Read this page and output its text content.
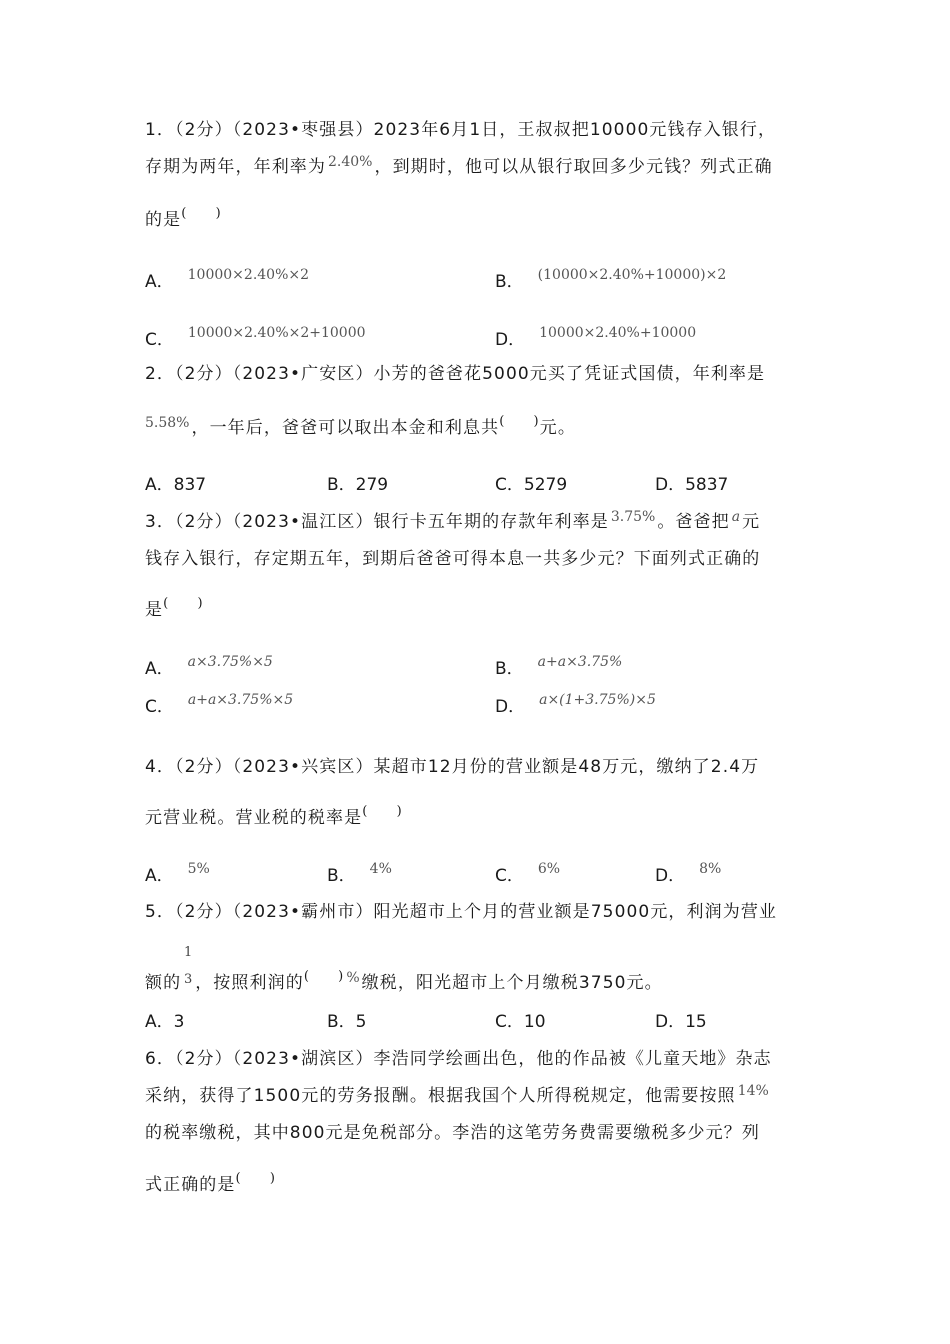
1．（2分）（2023•枣强县）2023年6月1日，王叔叔把10000元钱存入银行，
存期为两年，年利率为 $^{2.40\%}$ ，到期时，他可以从银行取回多少元钱？列式正确
的是(　　)
A． $^{10000\times 2.40\%\times 2}$	B． $^{(10000\times 2.40\%+10000)\times 2}$
C． $^{10000\times 2.40\%\times 2+10000}$	D． $^{10000\times 2.40\%+10000}$
2．（2分）（2023•广安区）小芳的爸爸花5000元买了凭证式国债，年利率是
$^{5.58\%}$ ，一年后，爸爸可以取出本金和利息共(　　)元。
A．837	B．279	C．5279	D．5837
3．（2分）（2023•温江区）银行卡五年期的存款年利率是 $^{3.75\%}$ 。爸爸把 $^a$ 元
钱存入银行，存定期五年，到期后爸爸可得本息一共多少元？下面列式正确的
是(　　)
A． $^{a\times 3.75\%\times 5}$	B． $^{a+a\times 3.75\%}$
C． $^{a+a\times 3.75\%\times 5}$	D． $^{a\times(1+3.75\%)\times 5}$
4．（2分）（2023•兴宾区）某超市12月份的营业额是48万元，缴纳了2.4万
元营业税。营业税的税率是(　　)
A． $^{5\%}$	B． $^{4\%}$	C． $^{6\%}$	D． $^{8\%}$
5．（2分）（2023•霸州市）阳光超市上个月的营业额是75000元，利润为营业
1
3
额的 ，按照利润的(　　) % 缴税，阳光超市上个月缴税3750元。
A．3	B．5	C．10	D．15
6．（2分）（2023•湖滨区）李浩同学绘画出色，他的作品被《儿童天地》杂志
采纳，获得了1500元的劳务报酬。根据我国个人所得税规定，他需要按照 $^{14\%}$
的税率缴税，其中800元是免税部分。李浩的这笔劳务费需要缴税多少元？列
式正确的是(　　)
